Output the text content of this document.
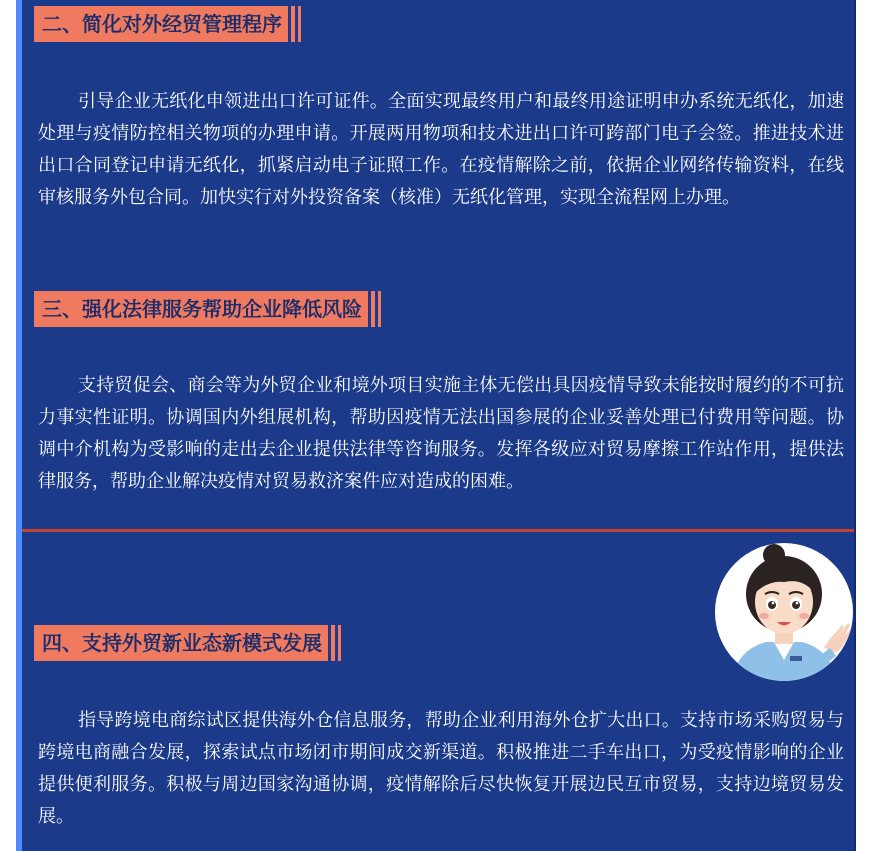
二、简化对外经贸管理程序

引导企业无纸化申领进出口许可证件。全面实现最终用户和最终用途证明申办系统无纸化，加速处理与疫情防控相关物项的办理申请。开展两用物项和技术进出口许可跨部门电子会签。推进技术进出口合同登记申请无纸化，抓紧启动电子证照工作。在疫情解除之前，依据企业网络传输资料，在线审核服务外包合同。加快实行对外投资备案（核准）无纸化管理，实现全流程网上办理。

三、强化法律服务帮助企业降低风险

支持贸促会、商会等为外贸企业和境外项目实施主体无偿出具因疫情导致未能按时履约的不可抗力事实性证明。协调国内外组展机构，帮助因疫情无法出国参展的企业妥善处理已付费用等问题。协调中介机构为受影响的走出去企业提供法律等咨询服务。发挥各级应对贸易摩擦工作站作用，提供法律服务，帮助企业解决疫情对贸易救济案件应对造成的困难。

四、支持外贸新业态新模式发展

指导跨境电商综试区提供海外仓信息服务，帮助企业利用海外仓扩大出口。支持市场采购贸易与跨境电商融合发展，探索试点市场闭市期间成交新渠道。积极推进二手车出口，为受疫情影响的企业提供便利服务。积极与周边国家沟通协调，疫情解除后尽快恢复开展边民互市贸易，支持边境贸易发展。
